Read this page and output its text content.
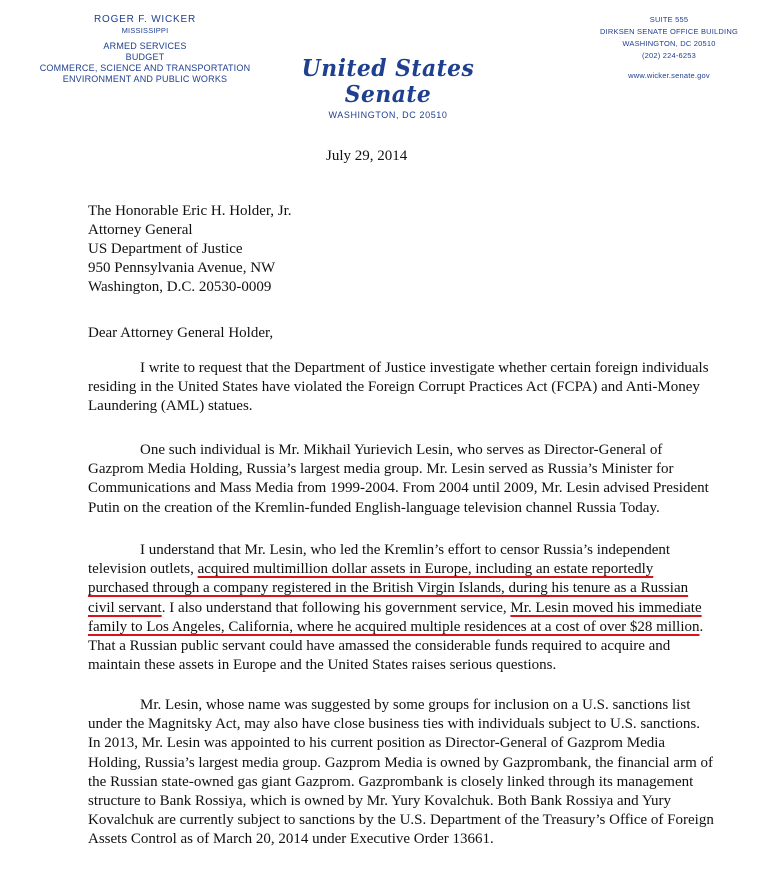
ROGER F. WICKER
MISSISSIPPI
ARMED SERVICES
BUDGET
COMMERCE, SCIENCE AND TRANSPORTATION
ENVIRONMENT AND PUBLIC WORKS	United States Senate
WASHINGTON, DC 20510
SUITE 555
DIRKSEN SENATE OFFICE BUILDING
WASHINGTON, DC 20510
(202) 224-6253
www.wicker.senate.gov
July 29, 2014
The Honorable Eric H. Holder, Jr.
Attorney General
US Department of Justice
950 Pennsylvania Avenue, NW
Washington, D.C. 20530-0009
Dear Attorney General Holder,

I write to request that the Department of Justice investigate whether certain foreign individuals residing in the United States have violated the Foreign Corrupt Practices Act (FCPA) and Anti-Money Laundering (AML) statues.

One such individual is Mr. Mikhail Yurievich Lesin, who serves as Director-General of Gazprom Media Holding, Russia’s largest media group. Mr. Lesin served as Russia’s Minister for Communications and Mass Media from 1999-2004. From 2004 until 2009, Mr. Lesin advised President Putin on the creation of the Kremlin-funded English-language television channel Russia Today.

I understand that Mr. Lesin, who led the Kremlin’s effort to censor Russia’s independent television outlets, acquired multimillion dollar assets in Europe, including an estate reportedly purchased through a company registered in the British Virgin Islands, during his tenure as a Russian civil servant. I also understand that following his government service, Mr. Lesin moved his immediate family to Los Angeles, California, where he acquired multiple residences at a cost of over $28 million. That a Russian public servant could have amassed the considerable funds required to acquire and maintain these assets in Europe and the United States raises serious questions.

Mr. Lesin, whose name was suggested by some groups for inclusion on a U.S. sanctions list under the Magnitsky Act, may also have close business ties with individuals subject to U.S. sanctions. In 2013, Mr. Lesin was appointed to his current position as Director-General of Gazprom Media Holding, Russia’s largest media group. Gazprom Media is owned by Gazprombank, the financial arm of the Russian state-owned gas giant Gazprom. Gazprombank is closely linked through its management structure to Bank Rossiya, which is owned by Mr. Yury Kovalchuk. Both Bank Rossiya and Yury Kovalchuk are currently subject to sanctions by the U.S. Department of the Treasury’s Office of Foreign Assets Control as of March 20, 2014 under Executive Order 13661.
